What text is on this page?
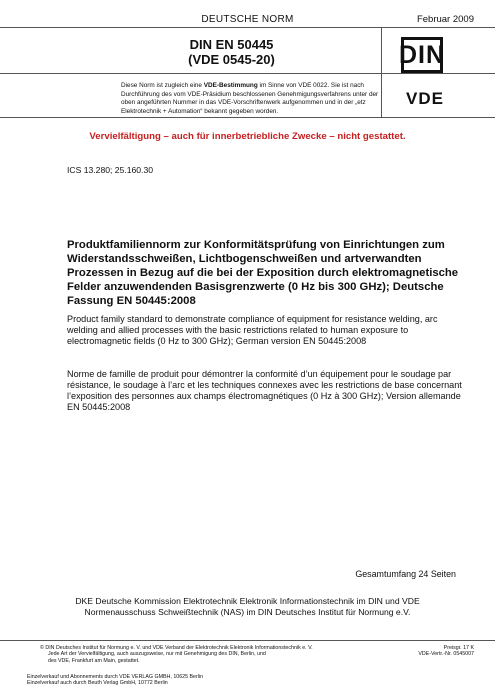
DEUTSCHE NORM	Februar 2009
DIN EN 50445
(VDE 0545-20)	DIN
VDE
Diese Norm ist zugleich eine VDE-Bestimmung im Sinne von VDE 0022. Sie ist nach Durchführung des vom VDE-Präsidium beschlossenen Genehmigungsverfahrens unter der oben angeführten Nummer in das VDE-Vorschriftenwerk aufgenommen und in der „etz Elektrotechnik + Automation“ bekannt gegeben worden.
Vervielfältigung – auch für innerbetriebliche Zwecke – nicht gestattet.
ICS 13.280; 25.160.30
Produktfamiliennorm zur Konformitätsprüfung von Einrichtungen zum Widerstandsschweißen, Lichtbogenschweißen und artverwandten Prozessen in Bezug auf die bei der Exposition durch elektromagnetische Felder anzuwendenden Basisgrenzwerte (0 Hz bis 300 GHz); Deutsche Fassung EN 50445:2008
Product family standard to demonstrate compliance of equipment for resistance welding, arc welding and allied processes with the basic restrictions related to human exposure to electromagnetic fields (0 Hz to 300 GHz); German version EN 50445:2008
Norme de famille de produit pour démontrer la conformité d’un équipement pour le soudage par résistance, le soudage à l’arc et les techniques connexes avec les restrictions de base concernant l’exposition des personnes aux champs électromagnétiques (0 Hz à 300 GHz); Version allemande EN 50445:2008
Gesamtumfang 24 Seiten
DKE Deutsche Kommission Elektrotechnik Elektronik Informationstechnik im DIN und VDE
Normenausschuss Schweißtechnik (NAS) im DIN Deutsches Institut für Normung e.V.
© DIN Deutsches Institut für Normung e. V. und VDE Verband der Elektrotechnik Elektronik Informationstechnik e. V.
Jede Art der Vervielfältigung, auch auszugsweise, nur mit Genehmigung des DIN, Berlin, und
des VDE, Frankfurt am Main, gestattet.
Preisgr. 17 K
VDE-Vertr.-Nr. 0545007
Einzelverkauf und Abonnements durch VDE VERLAG GMBH, 10625 Berlin
Einzelverkauf auch durch Beuth Verlag GmbH, 10772 Berlin
